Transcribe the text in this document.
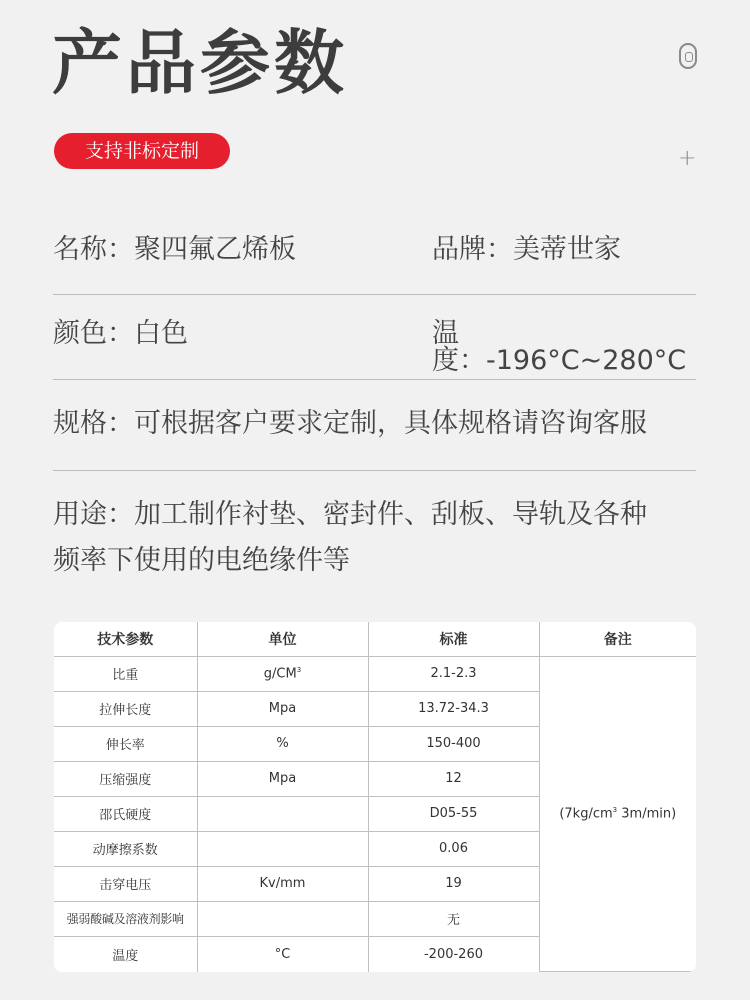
产品参数
+
支持非标定制
名称：聚四氟乙烯板	品牌：美蒂世家
颜色：白色	温度：-196°C~280°C
规格：可根据客户要求定制，具体规格请咨询客服
用途：加工制作衬垫、密封件、刮板、导轨及各种
频率下使用的电绝缘件等
技术参数	单位	标准	备注
比重	$g/CM^3$	2.1-2.3	($7kg/cm^3$ 3m/min)
拉伸长度	Mpa	13.72-34.3	
伸长率	%	150-400	
压缩强度	Mpa	12	
邵氏硬度		D05-55	
动摩擦系数		0.06	
击穿电压	Kv/mm	19	
强弱酸碱及溶液剂影响		无	
温度	°C	-200-260	
